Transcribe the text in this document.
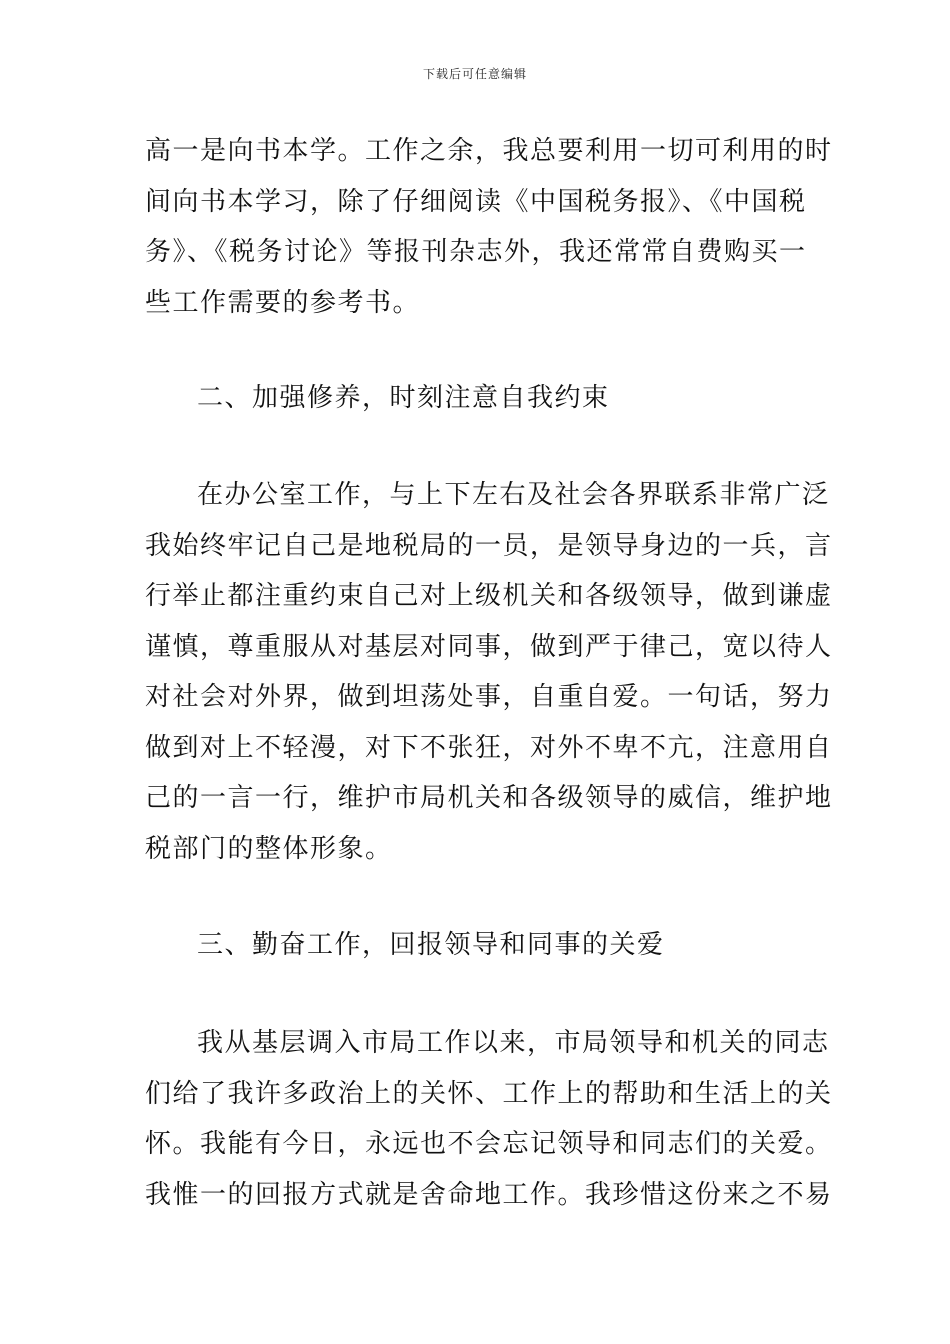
下载后可任意编辑
高一是向书本学。工作之余，我总要利用一切可利用的时
间向书本学习，除了仔细阅读《中国税务报》、《中国税
务》、《税务讨论》等报刊杂志外，我还常常自费购买一
些工作需要的参考书。
二、加强修养，时刻注意自我约束
在办公室工作，与上下左右及社会各界联系非常广泛
我始终牢记自己是地税局的一员，是领导身边的一兵，言
行举止都注重约束自己对上级机关和各级领导，做到谦虚
谨慎，尊重服从对基层对同事，做到严于律己，宽以待人
对社会对外界，做到坦荡处事，自重自爱。一句话，努力
做到对上不轻漫，对下不张狂，对外不卑不亢，注意用自
己的一言一行，维护市局机关和各级领导的威信，维护地
税部门的整体形象。
三、勤奋工作，回报领导和同事的关爱
我从基层调入市局工作以来，市局领导和机关的同志
们给了我许多政治上的关怀、工作上的帮助和生活上的关
怀。我能有今日，永远也不会忘记领导和同志们的关爱。
我惟一的回报方式就是舍命地工作。我珍惜这份来之不易
